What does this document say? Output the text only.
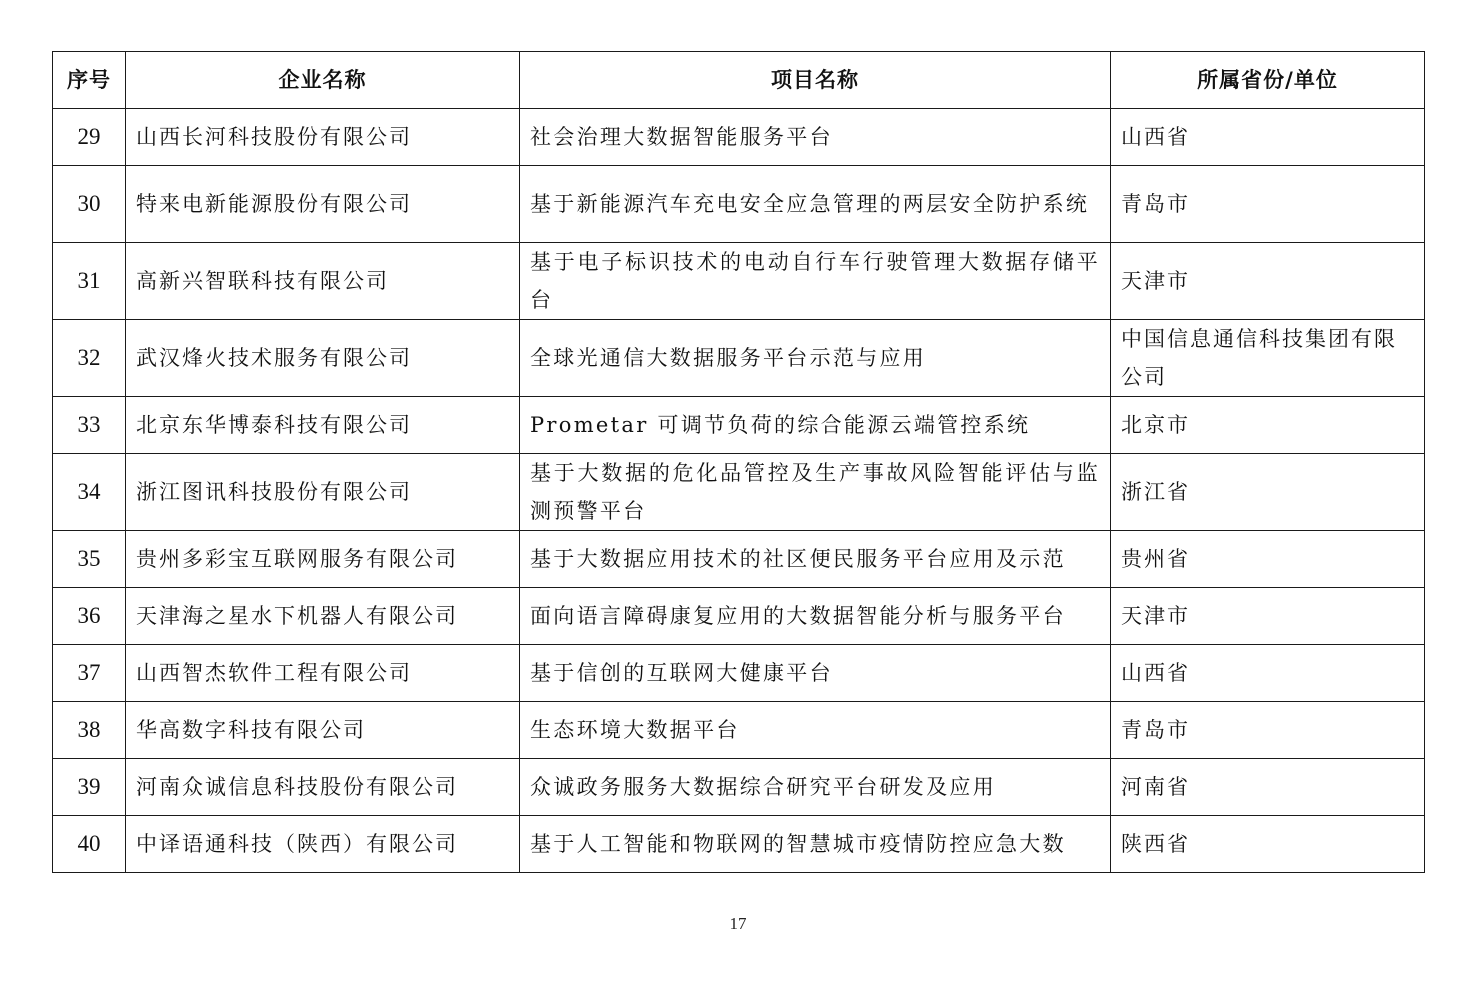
序号	企业名称	项目名称	所属省份/单位
29	山西长河科技股份有限公司	社会治理大数据智能服务平台	山西省
30	特来电新能源股份有限公司	基于新能源汽车充电安全应急管理的两层安全防护系统	青岛市
31	高新兴智联科技有限公司	基于电子标识技术的电动自行车行驶管理大数据存储平台	天津市
32	武汉烽火技术服务有限公司	全球光通信大数据服务平台示范与应用	中国信息通信科技集团有限公司
33	北京东华博泰科技有限公司	Prometar 可调节负荷的综合能源云端管控系统	北京市
34	浙江图讯科技股份有限公司	基于大数据的危化品管控及生产事故风险智能评估与监测预警平台	浙江省
35	贵州多彩宝互联网服务有限公司	基于大数据应用技术的社区便民服务平台应用及示范	贵州省
36	天津海之星水下机器人有限公司	面向语言障碍康复应用的大数据智能分析与服务平台	天津市
37	山西智杰软件工程有限公司	基于信创的互联网大健康平台	山西省
38	华高数字科技有限公司	生态环境大数据平台	青岛市
39	河南众诚信息科技股份有限公司	众诚政务服务大数据综合研究平台研发及应用	河南省
40	中译语通科技（陕西）有限公司	基于人工智能和物联网的智慧城市疫情防控应急大数	陕西省
17
